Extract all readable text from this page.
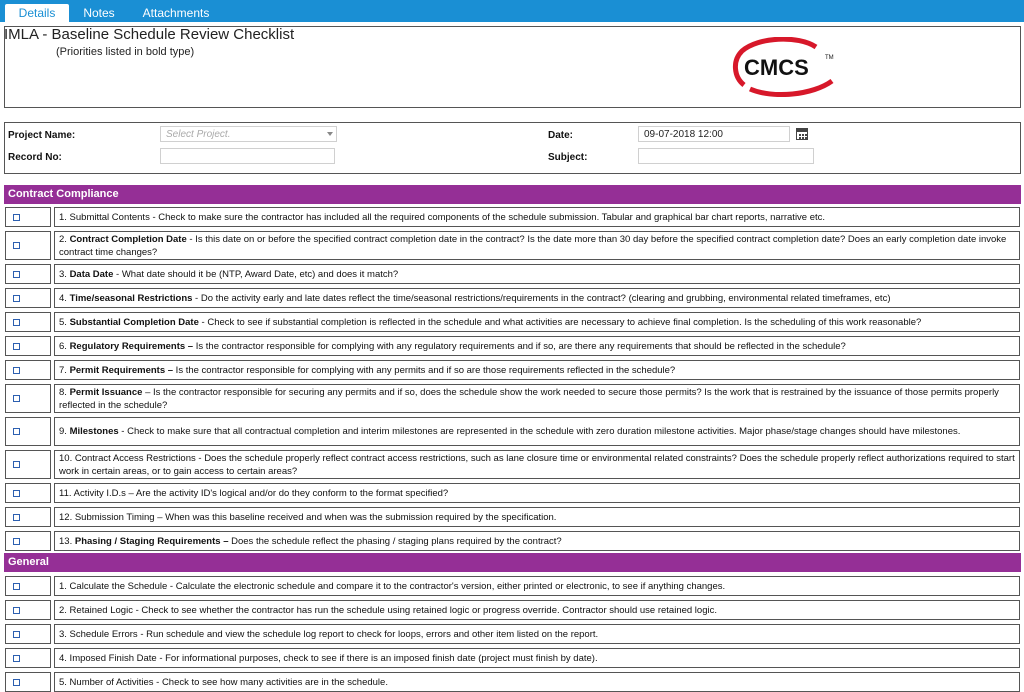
Details	Notes	Attachments
IMLA - Baseline Schedule Review Checklist
(Priorities listed in bold type)
CMCS	TM
Project Name:	Select Project.
Record No:
Date:	09-07-2018 12:00
Subject:
Contract Compliance
1. Submittal Contents - Check to make sure the contractor has included all the required components of the schedule submission. Tabular and graphical bar chart reports, narrative etc.
2. Contract Completion Date - Is this date on or before the specified contract completion date in the contract? Is the date more than 30 day before the specified contract completion date? Does an early completion date invoke contract time changes?
3. Data Date - What date should it be (NTP, Award Date, etc) and does it match?
4. Time/seasonal Restrictions - Do the activity early and late dates reflect the time/seasonal restrictions/requirements in the contract? (clearing and grubbing, environmental related timeframes, etc)
5. Substantial Completion Date - Check to see if substantial completion is reflected in the schedule and what activities are necessary to achieve final completion. Is the scheduling of this work reasonable?
6. Regulatory Requirements – Is the contractor responsible for complying with any regulatory requirements and if so, are there any requirements that should be reflected in the schedule?
7. Permit Requirements – Is the contractor responsible for complying with any permits and if so are those requirements reflected in the schedule?
8. Permit Issuance – Is the contractor responsible for securing any permits and if so, does the schedule show the work needed to secure those permits? Is the work that is restrained by the issuance of those permits properly reflected in the schedule?
9. Milestones - Check to make sure that all contractual completion and interim milestones are represented in the schedule with zero duration milestone activities. Major phase/stage changes should have milestones.
10. Contract Access Restrictions - Does the schedule properly reflect contract access restrictions, such as lane closure time or environmental related constraints? Does the schedule properly reflect authorizations required to start work in certain areas, or to gain access to certain areas?
11. Activity I.D.s – Are the activity ID's logical and/or do they conform to the format specified?
12. Submission Timing – When was this baseline received and when was the submission required by the specification.
13. Phasing / Staging Requirements – Does the schedule reflect the phasing / staging plans required by the contract?
General
1. Calculate the Schedule - Calculate the electronic schedule and compare it to the contractor's version, either printed or electronic, to see if anything changes.
2. Retained Logic - Check to see whether the contractor has run the schedule using retained logic or progress override. Contractor should use retained logic.
3. Schedule Errors - Run schedule and view the schedule log report to check for loops, errors and other item listed on the report.
4. Imposed Finish Date - For informational purposes, check to see if there is an imposed finish date (project must finish by date).
5. Number of Activities - Check to see how many activities are in the schedule.
